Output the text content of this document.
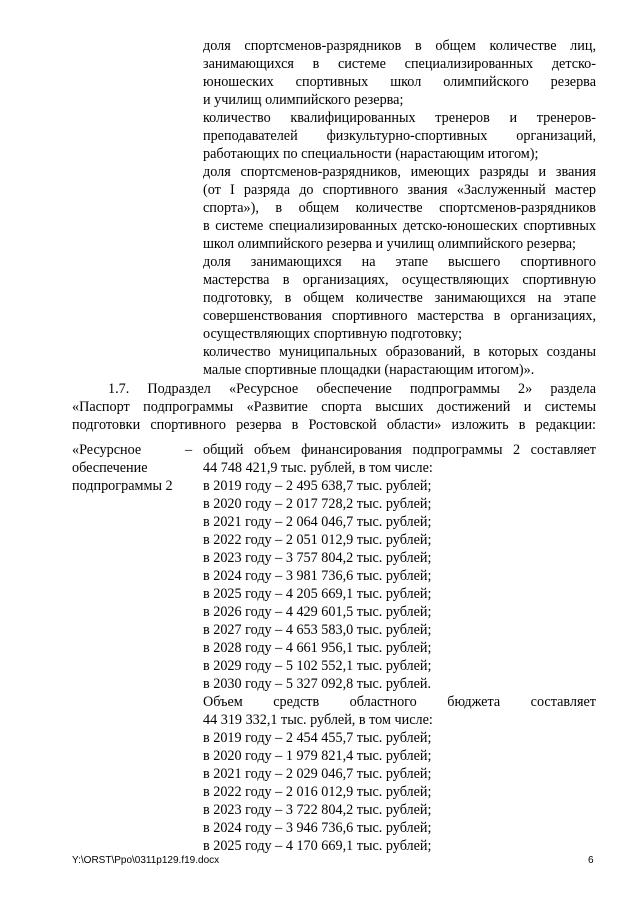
доля спортсменов-разрядников в общем количестве лиц,
занимающихся в системе специализированных детско-
юношеских спортивных школ олимпийского резерва
и училищ олимпийского резерва;

количество квалифицированных тренеров и тренеров-
преподавателей физкультурно-спортивных организаций,
работающих по специальности (нарастающим итогом);

доля спортсменов-разрядников, имеющих разряды и звания
(от I разряда до спортивного звания «Заслуженный мастер
спорта»), в общем количестве спортсменов-разрядников
в системе специализированных детско-юношеских спортивных
школ олимпийского резерва и училищ олимпийского резерва;

доля занимающихся на этапе высшего спортивного
мастерства в организациях, осуществляющих спортивную
подготовку, в общем количестве занимающихся на этапе
совершенствования спортивного мастерства в организациях,
осуществляющих спортивную подготовку;

количество муниципальных образований, в которых созданы
малые спортивные площадки (нарастающим итогом)».

1.7. Подраздел «Ресурсное обеспечение подпрограммы 2» раздела
«Паспорт подпрограммы «Развитие спорта высших достижений и системы
подготовки спортивного резерва в Ростовской области» изложить в редакции:
«Ресурсное
обеспечение
подпрограммы 2
– общий объем финансирования подпрограммы 2 составляет
44 748 421,9 тыс. рублей, в том числе:
в 2019 году – 2 495 638,7 тыс. рублей;
в 2020 году – 2 017 728,2 тыс. рублей;
в 2021 году – 2 064 046,7 тыс. рублей;
в 2022 году – 2 051 012,9 тыс. рублей;
в 2023 году – 3 757 804,2 тыс. рублей;
в 2024 году – 3 981 736,6 тыс. рублей;
в 2025 году – 4 205 669,1 тыс. рублей;
в 2026 году – 4 429 601,5 тыс. рублей;
в 2027 году – 4 653 583,0 тыс. рублей;
в 2028 году – 4 661 956,1 тыс. рублей;
в 2029 году – 5 102 552,1 тыс. рублей;
в 2030 году – 5 327 092,8 тыс. рублей.
Объем средств областного бюджета составляет
44 319 332,1 тыс. рублей, в том числе:
в 2019 году – 2 454 455,7 тыс. рублей;
в 2020 году – 1 979 821,4 тыс. рублей;
в 2021 году – 2 029 046,7 тыс. рублей;
в 2022 году – 2 016 012,9 тыс. рублей;
в 2023 году – 3 722 804,2 тыс. рублей;
в 2024 году – 3 946 736,6 тыс. рублей;
в 2025 году – 4 170 669,1 тыс. рублей;
Y:\ORST\Ppo\0311p129.f19.docx	6
